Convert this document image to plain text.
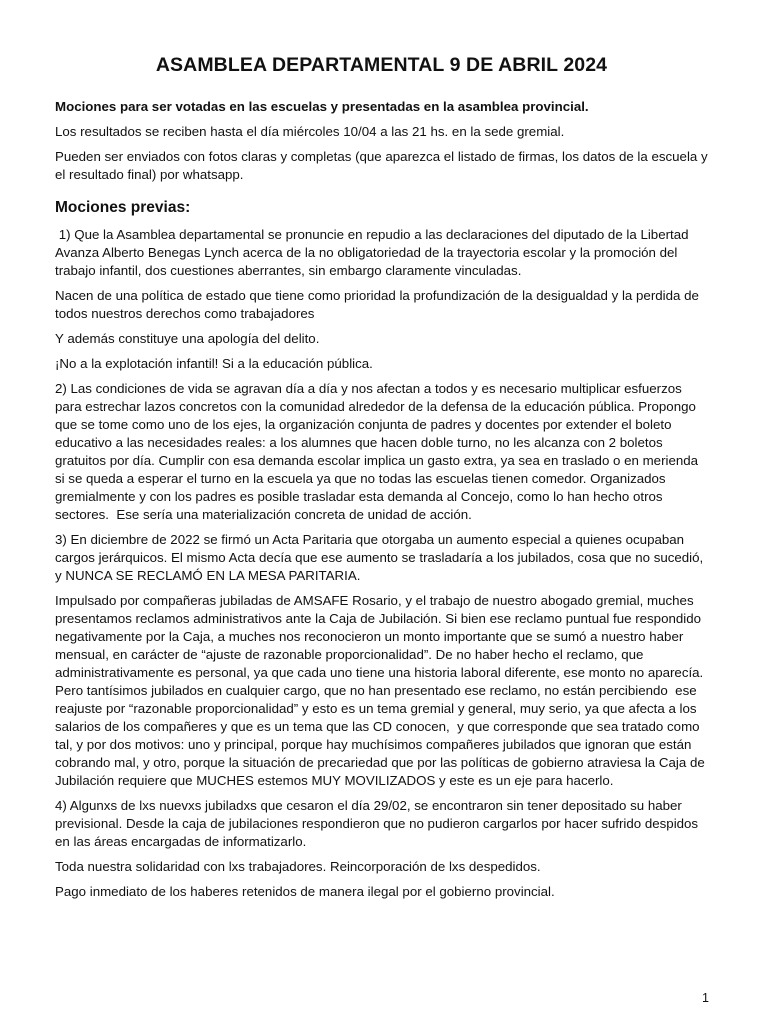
ASAMBLEA DEPARTAMENTAL 9 DE ABRIL 2024

Mociones para ser votadas en las escuelas y presentadas en la asamblea provincial.

Los resultados se reciben hasta el día miércoles 10/04 a las 21 hs. en la sede gremial.

Pueden ser enviados con fotos claras y completas (que aparezca el listado de firmas, los datos de la escuela y el resultado final) por whatsapp.

Mociones previas:

1) Que la Asamblea departamental se pronuncie en repudio a las declaraciones del diputado de la Libertad Avanza Alberto Benegas Lynch acerca de la no obligatoriedad de la trayectoria escolar y la promoción del trabajo infantil, dos cuestiones aberrantes, sin embargo claramente vinculadas.

Nacen de una política de estado que tiene como prioridad la profundización de la desigualdad y la perdida de todos nuestros derechos como trabajadores

Y además constituye una apología del delito.

¡No a la explotación infantil! Si a la educación pública.

2) Las condiciones de vida se agravan día a día y nos afectan a todos y es necesario multiplicar esfuerzos para estrechar lazos concretos con la comunidad alrededor de la defensa de la educación pública. Propongo que se tome como uno de los ejes, la organización conjunta de padres y docentes por extender el boleto educativo a las necesidades reales: a los alumnes que hacen doble turno, no les alcanza con 2 boletos gratuitos por día. Cumplir con esa demanda escolar implica un gasto extra, ya sea en traslado o en merienda si se queda a esperar el turno en la escuela ya que no todas las escuelas tienen comedor. Organizados gremialmente y con los padres es posible trasladar esta demanda al Concejo, como lo han hecho otros sectores.  Ese sería una materialización concreta de unidad de acción.

3) En diciembre de 2022 se firmó un Acta Paritaria que otorgaba un aumento especial a quienes ocupaban cargos jerárquicos. El mismo Acta decía que ese aumento se trasladaría a los jubilados, cosa que no sucedió, y NUNCA SE RECLAMÓ EN LA MESA PARITARIA.

Impulsado por compañeras jubiladas de AMSAFE Rosario, y el trabajo de nuestro abogado gremial, muches presentamos reclamos administrativos ante la Caja de Jubilación. Si bien ese reclamo puntual fue respondido negativamente por la Caja, a muches nos reconocieron un monto importante que se sumó a nuestro haber mensual, en carácter de “ajuste de razonable proporcionalidad”. De no haber hecho el reclamo, que administrativamente es personal, ya que cada uno tiene una historia laboral diferente, ese monto no aparecía. Pero tantísimos jubilados en cualquier cargo, que no han presentado ese reclamo, no están percibiendo  ese reajuste por “razonable proporcionalidad” y esto es un tema gremial y general, muy serio, ya que afecta a los salarios de los compañeres y que es un tema que las CD conocen,  y que corresponde que sea tratado como tal, y por dos motivos: uno y principal, porque hay muchísimos compañeres jubilados que ignoran que están cobrando mal, y otro, porque la situación de precariedad que por las políticas de gobierno atraviesa la Caja de Jubilación requiere que MUCHES estemos MUY MOVILIZADOS y este es un eje para hacerlo.

4) Algunxs de lxs nuevxs jubiladxs que cesaron el día 29/02, se encontraron sin tener depositado su haber previsional. Desde la caja de jubilaciones respondieron que no pudieron cargarlos por hacer sufrido despidos en las áreas encargadas de informatizarlo.

Toda nuestra solidaridad con lxs trabajadores. Reincorporación de lxs despedidos.

Pago inmediato de los haberes retenidos de manera ilegal por el gobierno provincial.

1
